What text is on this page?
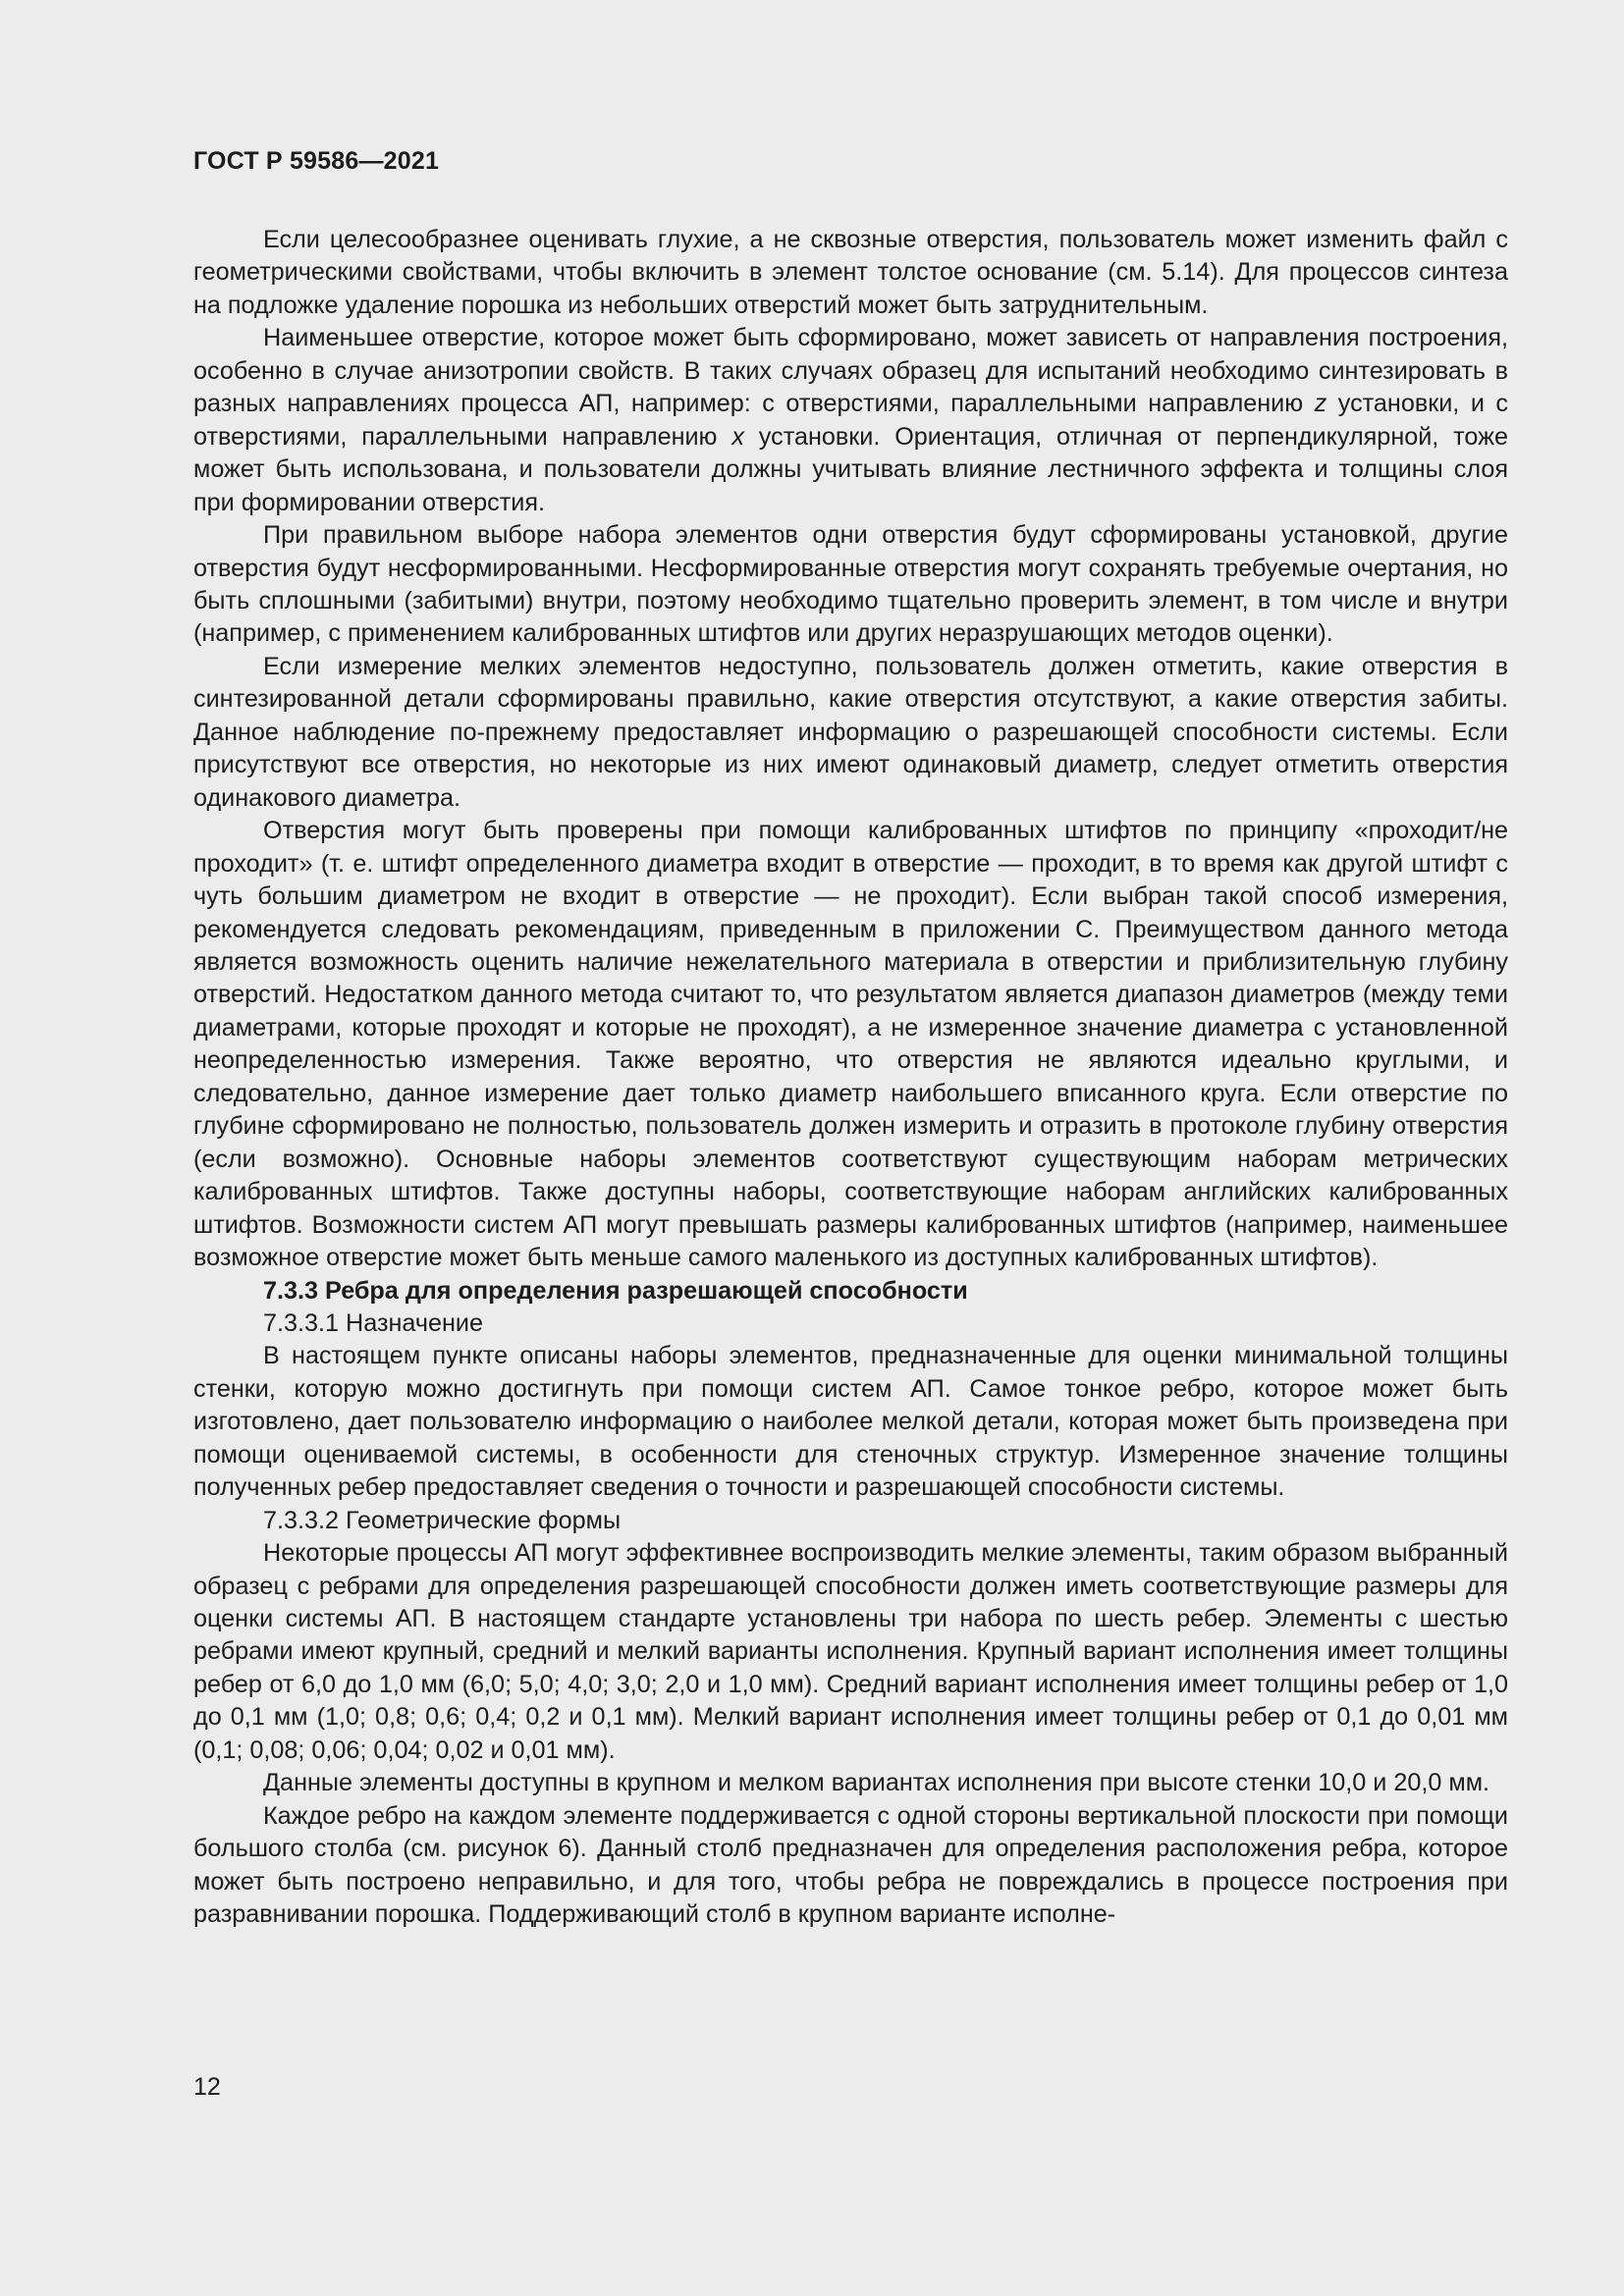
ГОСТ Р 59586—2021

Если целесообразнее оценивать глухие, а не сквозные отверстия, пользователь может изменить файл с геометрическими свойствами, чтобы включить в элемент толстое основание (см. 5.14). Для процессов синтеза на подложке удаление порошка из небольших отверстий может быть затруднительным.

Наименьшее отверстие, которое может быть сформировано, может зависеть от направления построения, особенно в случае анизотропии свойств. В таких случаях образец для испытаний необходимо синтезировать в разных направлениях процесса АП, например: с отверстиями, параллельными направлению z установки, и с отверстиями, параллельными направлению x установки. Ориентация, отличная от перпендикулярной, тоже может быть использована, и пользователи должны учитывать влияние лестничного эффекта и толщины слоя при формировании отверстия.

При правильном выборе набора элементов одни отверстия будут сформированы установкой, другие отверстия будут несформированными. Несформированные отверстия могут сохранять требуемые очертания, но быть сплошными (забитыми) внутри, поэтому необходимо тщательно проверить элемент, в том числе и внутри (например, с применением калиброванных штифтов или других неразрушающих методов оценки).

Если измерение мелких элементов недоступно, пользователь должен отметить, какие отверстия в синтезированной детали сформированы правильно, какие отверстия отсутствуют, а какие отверстия забиты. Данное наблюдение по-прежнему предоставляет информацию о разрешающей способности системы. Если присутствуют все отверстия, но некоторые из них имеют одинаковый диаметр, следует отметить отверстия одинакового диаметра.

Отверстия могут быть проверены при помощи калиброванных штифтов по принципу «проходит/не проходит» (т. е. штифт определенного диаметра входит в отверстие — проходит, в то время как другой штифт с чуть большим диаметром не входит в отверстие — не проходит). Если выбран такой способ измерения, рекомендуется следовать рекомендациям, приведенным в приложении С. Преимуществом данного метода является возможность оценить наличие нежелательного материала в отверстии и приблизительную глубину отверстий. Недостатком данного метода считают то, что результатом является диапазон диаметров (между теми диаметрами, которые проходят и которые не проходят), а не измеренное значение диаметра с установленной неопределенностью измерения. Также вероятно, что отверстия не являются идеально круглыми, и следовательно, данное измерение дает только диаметр наибольшего вписанного круга. Если отверстие по глубине сформировано не полностью, пользователь должен измерить и отразить в протоколе глубину отверстия (если возможно). Основные наборы элементов соответствуют существующим наборам метрических калиброванных штифтов. Также доступны наборы, соответствующие наборам английских калиброванных штифтов. Возможности систем АП могут превышать размеры калиброванных штифтов (например, наименьшее возможное отверстие может быть меньше самого маленького из доступных калиброванных штифтов).

7.3.3 Ребра для определения разрешающей способности

7.3.3.1 Назначение

В настоящем пункте описаны наборы элементов, предназначенные для оценки минимальной толщины стенки, которую можно достигнуть при помощи систем АП. Самое тонкое ребро, которое может быть изготовлено, дает пользователю информацию о наиболее мелкой детали, которая может быть произведена при помощи оцениваемой системы, в особенности для стеночных структур. Измеренное значение толщины полученных ребер предоставляет сведения о точности и разрешающей способности системы.

7.3.3.2 Геометрические формы

Некоторые процессы АП могут эффективнее воспроизводить мелкие элементы, таким образом выбранный образец с ребрами для определения разрешающей способности должен иметь соответствующие размеры для оценки системы АП. В настоящем стандарте установлены три набора по шесть ребер. Элементы с шестью ребрами имеют крупный, средний и мелкий варианты исполнения. Крупный вариант исполнения имеет толщины ребер от 6,0 до 1,0 мм (6,0; 5,0; 4,0; 3,0; 2,0 и 1,0 мм). Средний вариант исполнения имеет толщины ребер от 1,0 до 0,1 мм (1,0; 0,8; 0,6; 0,4; 0,2 и 0,1 мм). Мелкий вариант исполнения имеет толщины ребер от 0,1 до 0,01 мм (0,1; 0,08; 0,06; 0,04; 0,02 и 0,01 мм).

Данные элементы доступны в крупном и мелком вариантах исполнения при высоте стенки 10,0 и 20,0 мм.

Каждое ребро на каждом элементе поддерживается с одной стороны вертикальной плоскости при помощи большого столба (см. рисунок 6). Данный столб предназначен для определения расположения ребра, которое может быть построено неправильно, и для того, чтобы ребра не повреждались в процессе построения при разравнивании порошка. Поддерживающий столб в крупном варианте исполне-

12
